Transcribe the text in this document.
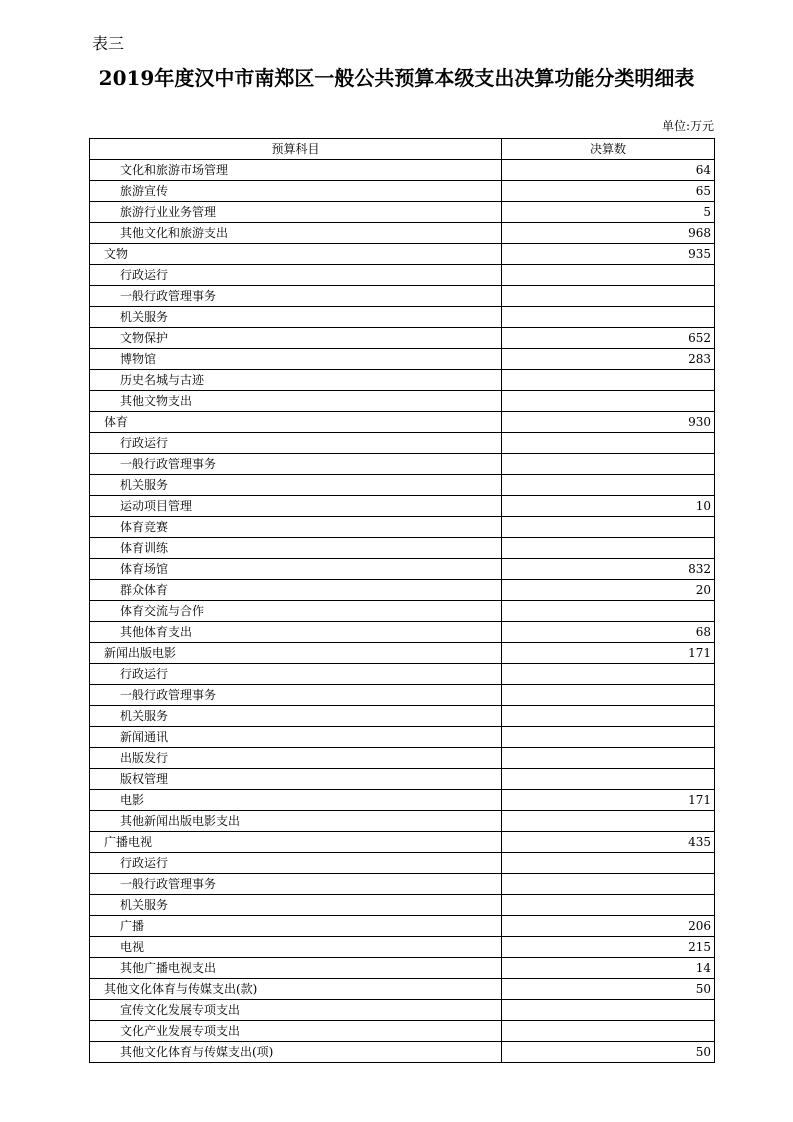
表三
2019年度汉中市南郑区一般公共预算本级支出决算功能分类明细表
单位:万元
预算科目	决算数
文化和旅游市场管理	64
旅游宣传	65
旅游行业业务管理	5
其他文化和旅游支出	968
文物	935
行政运行	
一般行政管理事务	
机关服务	
文物保护	652
博物馆	283
历史名城与古迹	
其他文物支出	
体育	930
行政运行	
一般行政管理事务	
机关服务	
运动项目管理	10
体育竞赛	
体育训练	
体育场馆	832
群众体育	20
体育交流与合作	
其他体育支出	68
新闻出版电影	171
行政运行	
一般行政管理事务	
机关服务	
新闻通讯	
出版发行	
版权管理	
电影	171
其他新闻出版电影支出	
广播电视	435
行政运行	
一般行政管理事务	
机关服务	
广播	206
电视	215
其他广播电视支出	14
其他文化体育与传媒支出(款)	50
宣传文化发展专项支出	
文化产业发展专项支出	
其他文化体育与传媒支出(项)	50
